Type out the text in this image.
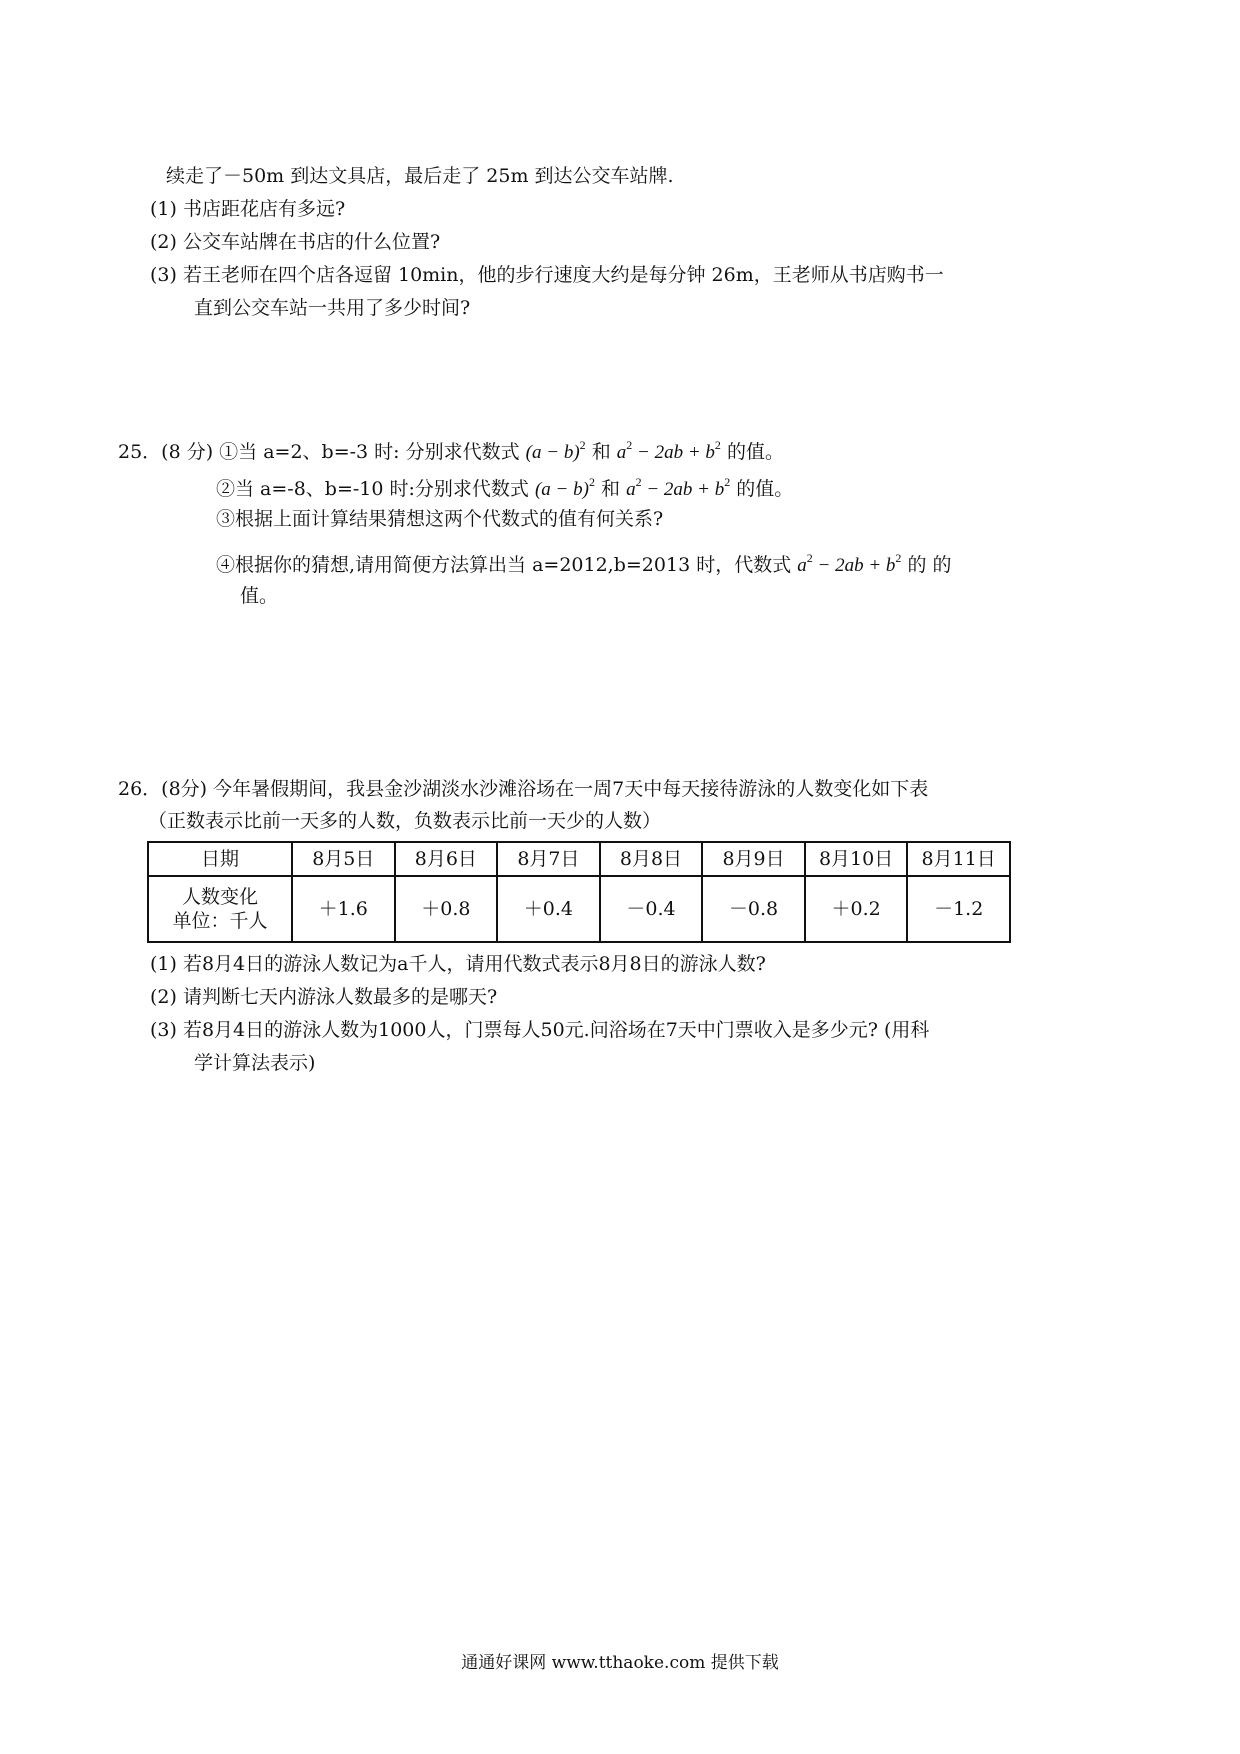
续走了－50m 到达文具店，最后走了 25m 到达公交车站牌.
(1) 书店距花店有多远?
(2) 公交车站牌在书店的什么位置?
(3) 若王老师在四个店各逗留 10min，他的步行速度大约是每分钟 26m，王老师从书店购书一
直到公交车站一共用了多少时间?
25．(8 分) ①当 a=2、b=-3 时: 分别求代数式 $(a - b)^2$ 和 $a^2 - 2ab + b^2$ 的值。
②当 a=-8、b=-10 时:分别求代数式 $(a - b)^2$ 和 $a^2 - 2ab + b^2$ 的值。
③根据上面计算结果猜想这两个代数式的值有何关系?
④根据你的猜想,请用简便方法算出当 a=2012,b=2013 时，代数式 $a^2 - 2ab + b^2$ 的 的
值。
26．(8分) 今年暑假期间，我县金沙湖淡水沙滩浴场在一周7天中每天接待游泳的人数变化如下表
（正数表示比前一天多的人数，负数表示比前一天少的人数）
日期	8月5日	8月6日	8月7日	8月8日	8月9日	8月10日	8月11日

人数变化
单位：千人	＋1.6	＋0.8	＋0.4	－0.4	－0.8	＋0.2	－1.2
(1) 若8月4日的游泳人数记为a千人，请用代数式表示8月8日的游泳人数?
(2) 请判断七天内游泳人数最多的是哪天?
(3) 若8月4日的游泳人数为1000人，门票每人50元.问浴场在7天中门票收入是多少元? (用科
学计算法表示)
通通好课网 www.tthaoke.com 提供下载
